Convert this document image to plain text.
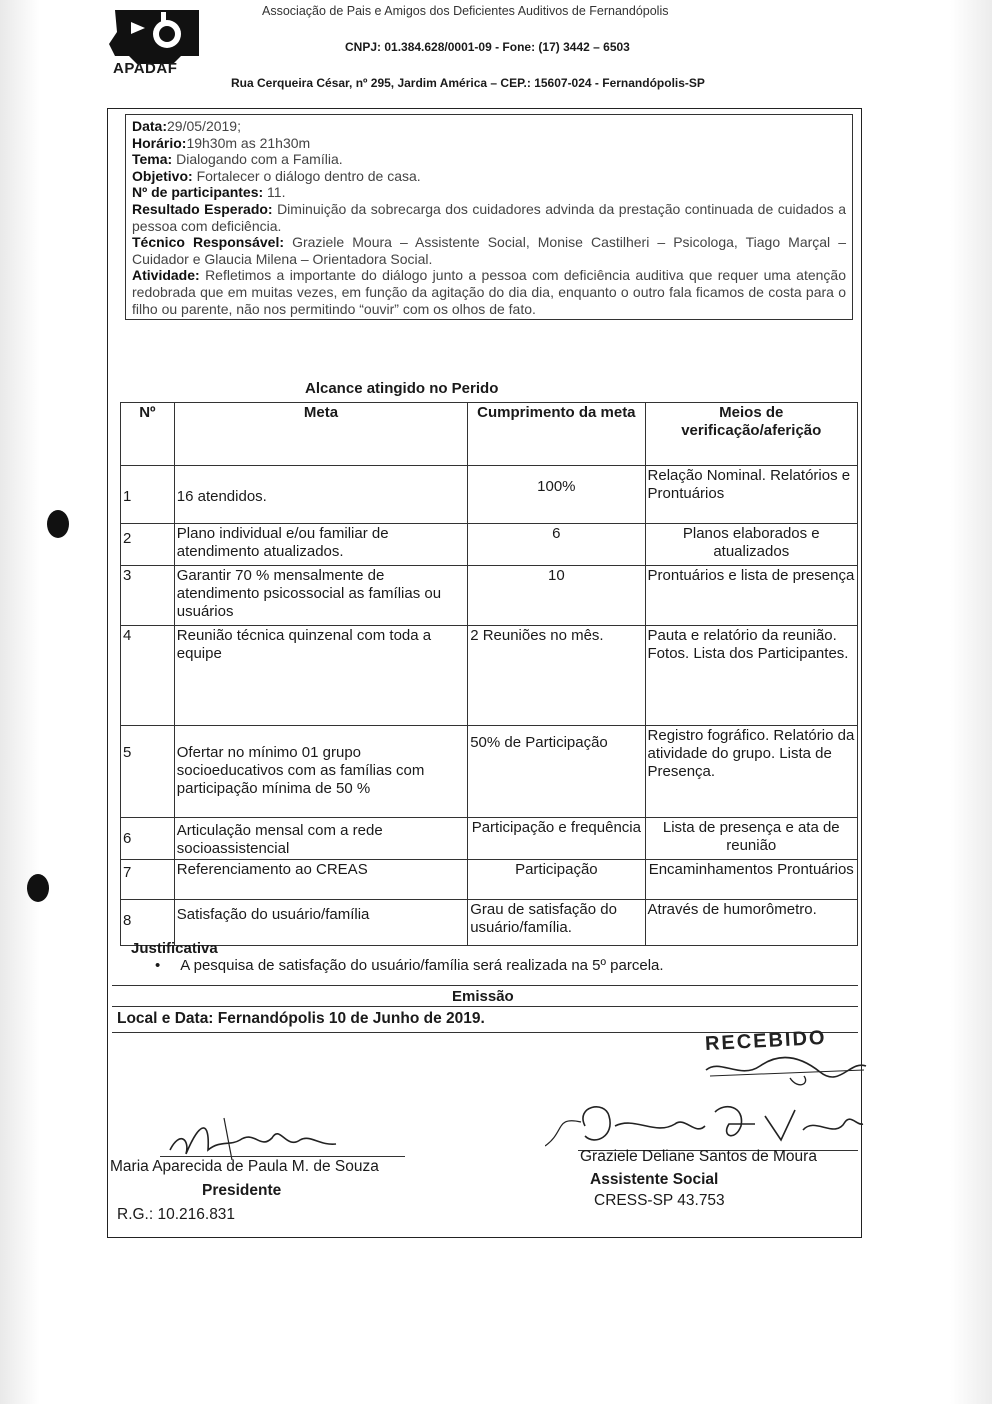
APADAF
Associação de Pais e Amigos dos Deficientes Auditivos de Fernandópolis
CNPJ: 01.384.628/0001-09 - Fone: (17) 3442 – 6503
Rua Cerqueira César, nº 295, Jardim América – CEP.: 15607-024 - Fernandópolis-SP

Data:29/05/2019;

Horário:19h30m as 21h30m

Tema: Dialogando com a Família.

Objetivo: Fortalecer o diálogo dentro de casa.

Nº de participantes: 11.

Resultado Esperado: Diminuição da sobrecarga dos cuidadores advinda da prestação continuada de cuidados a pessoa com deficiência.

Técnico Responsável: Graziele Moura – Assistente Social, Monise Castilheri – Psicologa, Tiago Marçal – Cuidador e Glaucia Milena – Orientadora Social.

Atividade: Refletimos a importante do diálogo junto a pessoa com deficiência auditiva que requer uma atenção redobrada que em muitas vezes, em função da agitação do dia dia, enquanto o outro fala ficamos de costa para o filho ou parente, não nos permitindo “ouvir” com os olhos de fato.

Alcance atingido no Perido
Nº	Meta	Cumprimento da meta	Meios de verificação/aferição
1	16 atendidos.	100%	Relação Nominal. Relatórios e Prontuários
2	Plano individual e/ou familiar de atendimento atualizados.	6	Planos elaborados e atualizados
3	Garantir 70 % mensalmente de atendimento psicossocial as famílias ou usuários	10	Prontuários e lista de presença
4	Reunião técnica quinzenal com toda a equipe	2 Reuniões no mês.	Pauta e relatório da reunião. Fotos. Lista dos Participantes.
5	Ofertar no mínimo 01 grupo socioeducativos com as famílias com participação mínima de 50 %	50% de Participação	Registro fográfico. Relatório da atividade do grupo. Lista de Presença.
6	Articulação mensal com a rede socioassistencial	Participação e frequência	Lista de presença e ata de reunião
7	Referenciamento ao CREAS	Participação	Encaminhamentos Prontuários
8	Satisfação do usuário/família	Grau de satisfação do usuário/família.	Através de humorômetro.
Justificativa
• A pesquisa de satisfação do usuário/família será realizada na 5º parcela.
Emissão
Local e Data: Fernandópolis 10 de Junho de 2019.
RECEBIDO
Maria Aparecida de Paula M. de Souza
Presidente
R.G.: 10.216.831
Graziele Deliane Santos de Moura
Assistente Social
CRESS-SP 43.753
